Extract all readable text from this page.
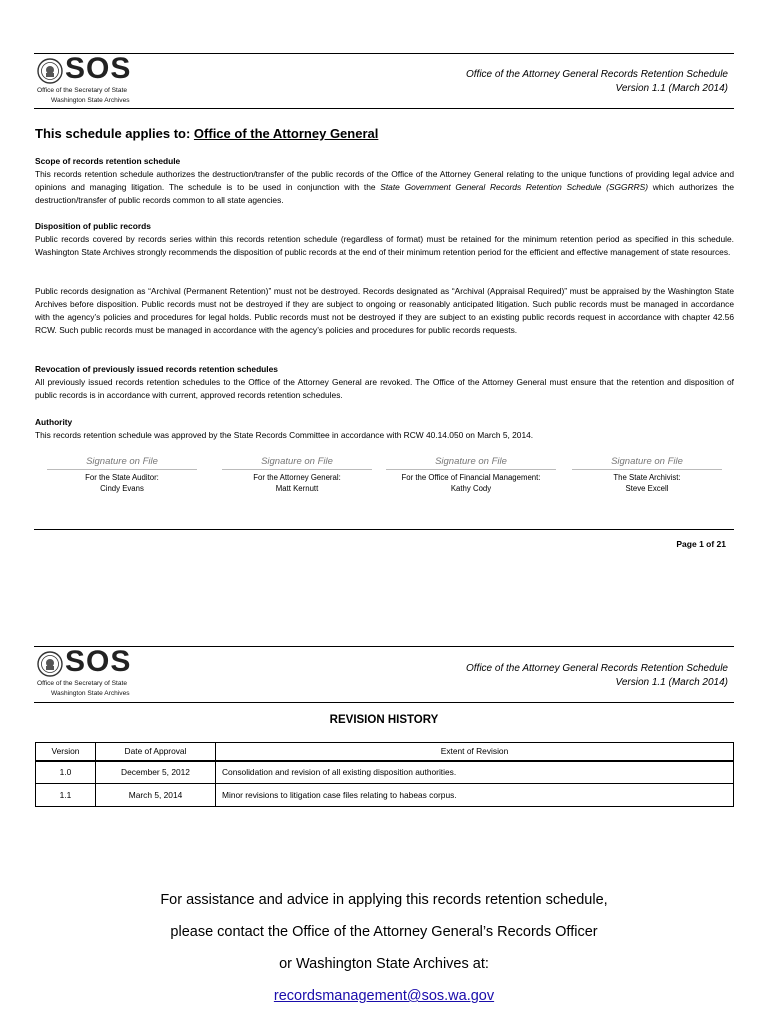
SOS
Office of the Secretary of State
Washington State Archives
Office of the Attorney General Records Retention Schedule
Version 1.1 (March 2014)
This schedule applies to: Office of the Attorney General
Scope of records retention schedule
This records retention schedule authorizes the destruction/transfer of the public records of the Office of the Attorney General relating to the unique functions of providing legal advice and opinions and managing litigation. The schedule is to be used in conjunction with the State Government General Records Retention Schedule (SGGRRS) which authorizes the destruction/transfer of public records common to all state agencies.
Disposition of public records
Public records covered by records series within this records retention schedule (regardless of format) must be retained for the minimum retention period as specified in this schedule. Washington State Archives strongly recommends the disposition of public records at the end of their minimum retention period for the efficient and effective management of state resources.
Public records designation as “Archival (Permanent Retention)” must not be destroyed. Records designated as “Archival (Appraisal Required)” must be appraised by the Washington State Archives before disposition. Public records must not be destroyed if they are subject to ongoing or reasonably anticipated litigation. Such public records must be managed in accordance with the agency’s policies and procedures for legal holds. Public records must not be destroyed if they are subject to an existing public records request in accordance with chapter 42.56 RCW. Such public records must be managed in accordance with the agency’s policies and procedures for public records requests.
Revocation of previously issued records retention schedules
All previously issued records retention schedules to the Office of the Attorney General are revoked. The Office of the Attorney General must ensure that the retention and disposition of public records is in accordance with current, approved records retention schedules.
Authority
This records retention schedule was approved by the State Records Committee in accordance with RCW 40.14.050 on March 5, 2014.
Signature on File
For the State Auditor:
Cindy Evans
Signature on File
For the Attorney General:
Matt Kernutt
Signature on File
For the Office of Financial Management:
Kathy Cody
Signature on File
The State Archivist:
Steve Excell
Page 1 of 21
SOS
Office of the Secretary of State
Washington State Archives
Office of the Attorney General Records Retention Schedule
Version 1.1 (March 2014)
REVISION HISTORY
Version	Date of Approval	Extent of Revision
1.0	December 5, 2012	Consolidation and revision of all existing disposition authorities.
1.1	March 5, 2014	Minor revisions to litigation case files relating to habeas corpus.
For assistance and advice in applying this records retention schedule,
please contact the Office of the Attorney General’s Records Officer
or Washington State Archives at:
recordsmanagement@sos.wa.gov
